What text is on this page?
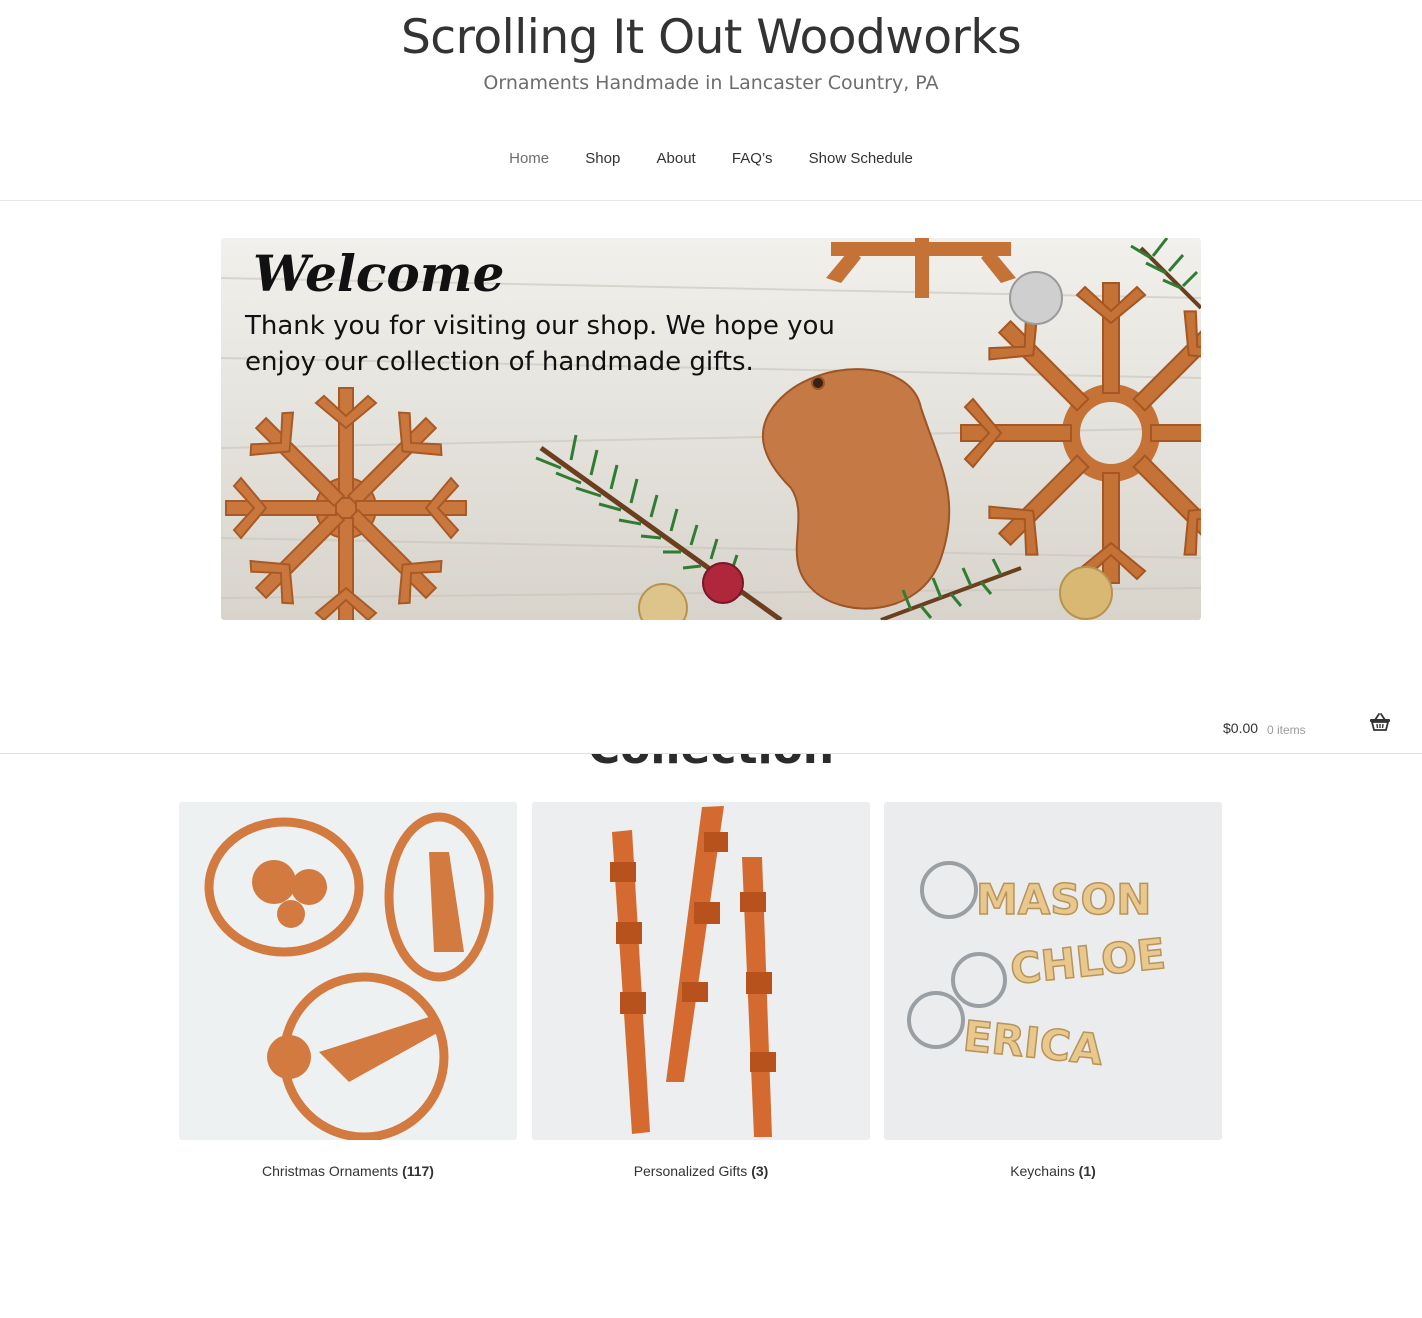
Scrolling It Out Woodworks
Ornaments Handmade in Lancaster Country, PA
Home Shop About FAQ’s Show Schedule
Welcome
Thank you for visiting our shop. We hope you
enjoy our collection of handmade gifts.
$0.00 0 items
Christmas Ornaments (117)	Personalized Gifts (3)
MASON
CHLOE
ERICA
Keychains (1)
